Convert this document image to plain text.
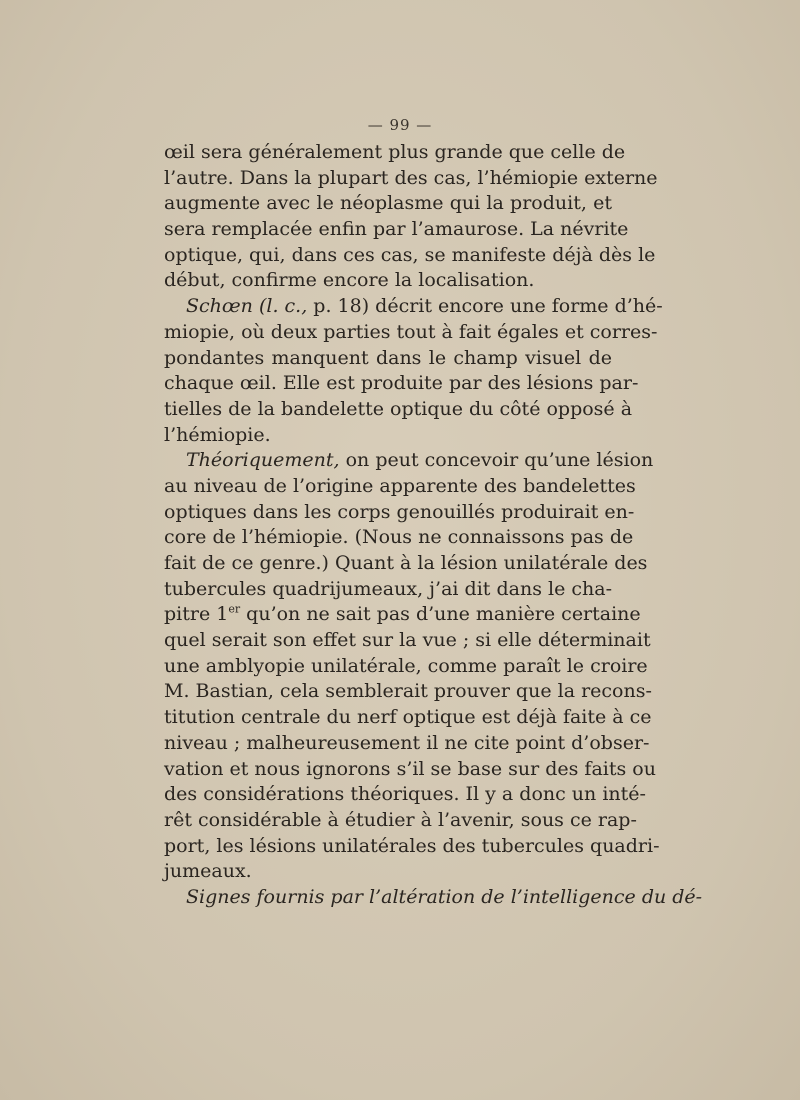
— 99 —
œil sera généralement plus grande que celle de
l’autre. Dans la plupart des cas, l’hémiopie externe
augmente avec le néoplasme qui la produit, et
sera remplacée enfin par l’amaurose. La névrite
optique, qui, dans ces cas, se manifeste déjà dès le
début, confirme encore la localisation.
Schœn (l. c., p. 18) décrit encore une forme d’hé-
miopie, où deux parties tout à fait égales et corres-
pondantes manquent dans le champ visuel de
chaque œil. Elle est produite par des lésions par-
tielles de la bandelette optique du côté opposé à
l’hémiopie.
Théoriquement, on peut concevoir qu’une lésion
au niveau de l’origine apparente des bandelettes
optiques dans les corps genouillés produirait en-
core de l’hémiopie. (Nous ne connaissons pas de
fait de ce genre.) Quant à la lésion unilatérale des
tubercules quadrijumeaux, j’ai dit dans le cha-
pitre 1er qu’on ne sait pas d’une manière certaine
quel serait son effet sur la vue ; si elle déterminait
une amblyopie unilatérale, comme paraît le croire
M. Bastian, cela semblerait prouver que la recons-
titution centrale du nerf optique est déjà faite à ce
niveau ; malheureusement il ne cite point d’obser-
vation et nous ignorons s’il se base sur des faits ou
des considérations théoriques. Il y a donc un inté-
rêt considérable à étudier à l’avenir, sous ce rap-
port, les lésions unilatérales des tubercules quadri-
jumeaux.
Signes fournis par l’altération de l’intelligence du dé-
